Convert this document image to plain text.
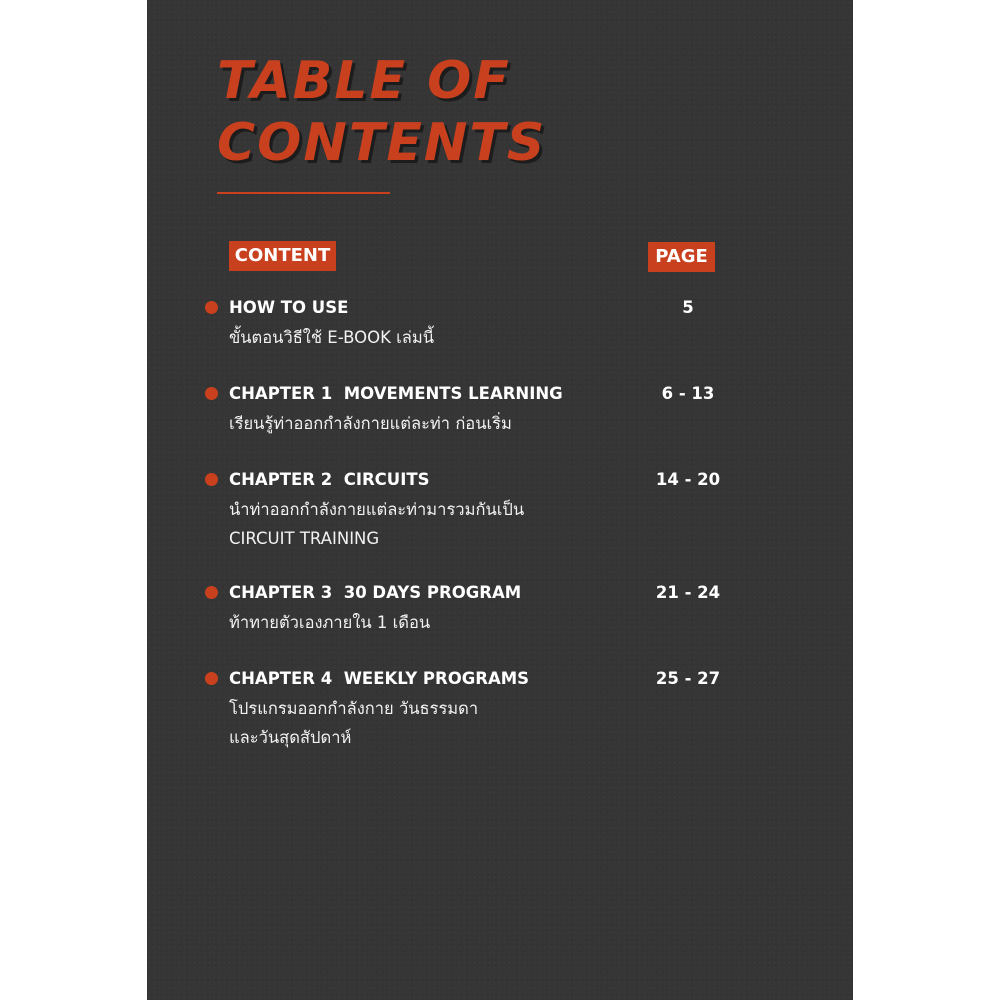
TABLE OF
CONTENTS
CONTENT	PAGE
HOW TO USE	5
ขั้นตอนวิธีใช้ E-BOOK เล่มนี้
CHAPTER 1  MOVEMENTS LEARNING	6 - 13
เรียนรู้ท่าออกกำลังกายแต่ละท่า ก่อนเริ่ม
CHAPTER 2  CIRCUITS	14 - 20
นำท่าออกกำลังกายแต่ละท่ามารวมกันเป็น
CIRCUIT TRAINING
CHAPTER 3  30 DAYS PROGRAM	21 - 24
ท้าทายตัวเองภายใน 1 เดือน
CHAPTER 4  WEEKLY PROGRAMS	25 - 27
โปรแกรมออกกำลังกาย วันธรรมดา
และวันสุดสัปดาห์
